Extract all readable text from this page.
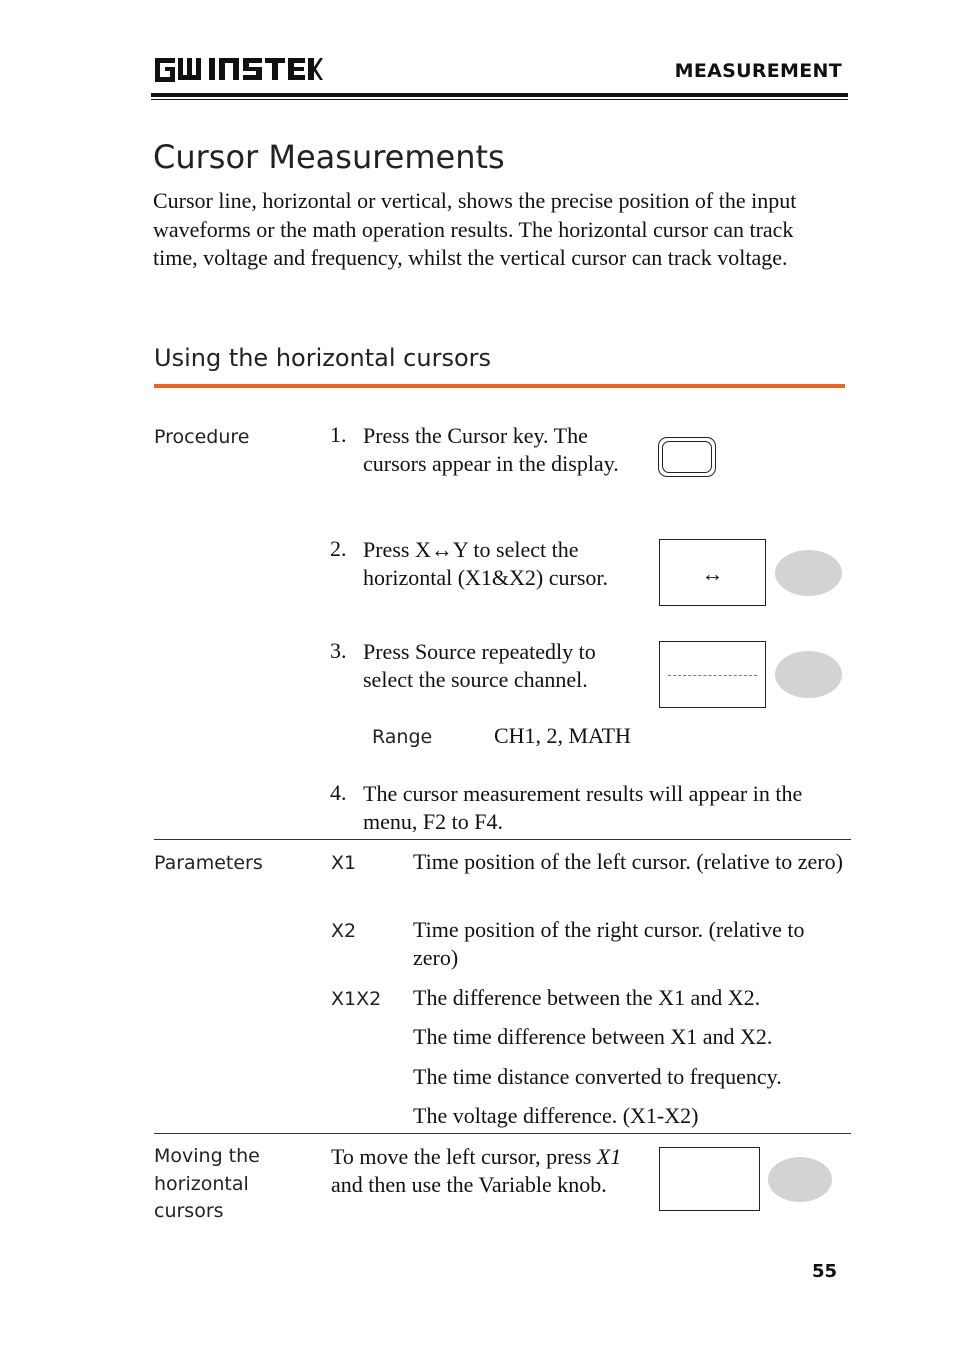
MEASUREMENT
Cursor Measurements
Cursor line, horizontal or vertical, shows the precise position of the input waveforms or the math operation results. The horizontal cursor can track time, voltage and frequency, whilst the vertical cursor can track voltage.
Using the horizontal cursors
Procedure	1. Press the Cursor key. The cursors appear in the display.
2. Press X↔Y to select the horizontal (X1&X2) cursor.	↔
3. Press Source repeatedly to select the source channel.
Range	CH1, 2, MATH
4. The cursor measurement results will appear in the menu, F2 to F4.
Parameters	X1	Time position of the left cursor. (relative to zero)
X2	Time position of the right cursor. (relative to zero)
X1X2 The difference between the X1 and X2.
The time difference between X1 and X2.
The time distance converted to frequency.
The voltage difference. (X1-X2)
Moving the horizontal cursors
To move the left cursor, press X1 and then use the Variable knob.
55
